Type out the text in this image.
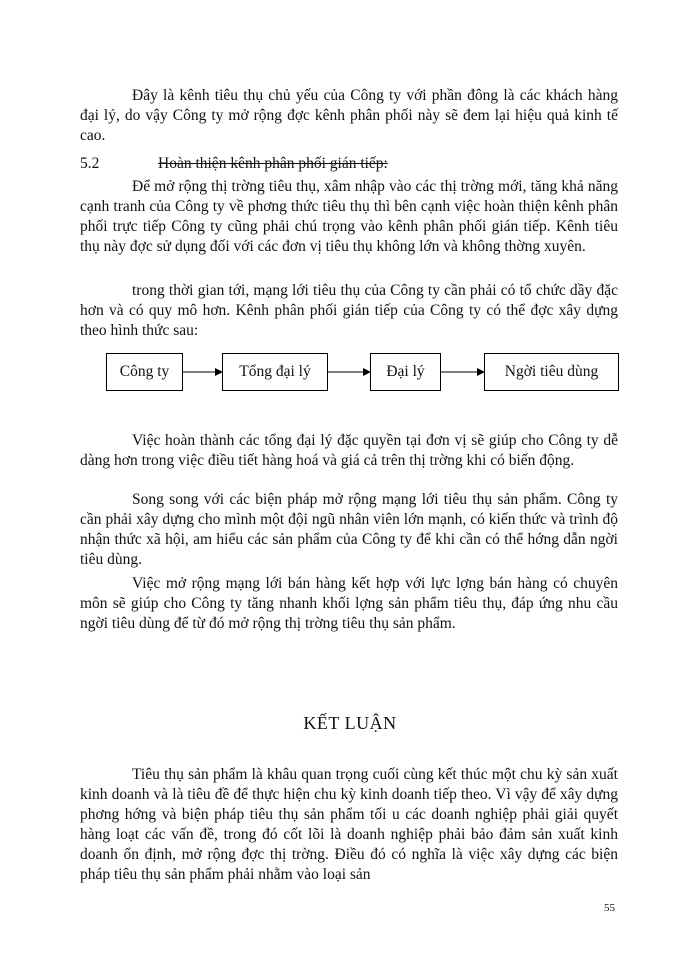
Đây là kênh tiêu thụ chủ yếu của Công ty với phần đông là các khách hàng đại lý, do vậy Công ty mở rộng đợc kênh phân phối này sẽ đem lại hiệu quả kinh tế cao.

5.2	Hoàn thiện kênh phân phối gián tiếp:

Để mở rộng thị trờng tiêu thụ, xâm nhập vào các thị trờng mới, tăng khả năng cạnh tranh của Công ty về phơng thức tiêu thụ thì bên cạnh việc hoàn thiện kênh phân phối trực tiếp Công ty cũng phải chú trọng vào kênh phân phối gián tiếp. Kênh tiêu thụ này đợc sử dụng đối với các đơn vị tiêu thụ không lớn và không thờng xuyên.

trong thời gian tới, mạng lới tiêu thụ của Công ty cần phải có tổ chức dầy đặc hơn và có quy mô hơn. Kênh phân phối gián tiếp của Công ty có thể đợc xây dựng theo hình thức sau:

Công ty	Tổng đại lý	Đại lý	Ngời tiêu dùng

Việc hoàn thành các tổng đại lý đặc quyền tại đơn vị sẽ giúp cho Công ty dễ dàng hơn trong việc điều tiết hàng hoá và giá cả trên thị trờng khi có biến động.

Song song với các biện pháp mở rộng mạng lới tiêu thụ sản phẩm. Công ty cần phải xây dựng cho mình một đội ngũ nhân viên lớn mạnh, có kiến thức và trình độ nhận thức xã hội, am hiểu các sản phẩm của Công ty để khi cần có thể hớng dẫn ngời tiêu dùng.

Việc mở rộng mạng lới bán hàng kết hợp với lực lợng bán hàng có chuyên môn sẽ giúp cho Công ty tăng nhanh khối lợng sản phẩm tiêu thụ, đáp ứng nhu cầu ngời tiêu dùng để từ đó mở rộng thị trờng tiêu thụ sản phẩm.

KẾT LUẬN

Tiêu thụ sản phẩm là khâu quan trọng cuối cùng kết thúc một chu kỳ sản xuất kinh doanh và là tiêu đề để thực hiện chu kỳ kinh doanh tiếp theo. Vì vậy để xây dựng phơng hớng và biện pháp tiêu thụ sản phẩm tối u các doanh nghiệp phải giải quyết hàng loạt các vấn đề, trong đó cốt lõi là doanh nghiệp phải bảo đảm sản xuất kinh doanh ổn định, mở rộng đợc thị trờng. Điều đó có nghĩa là việc xây dựng các biện pháp tiêu thụ sản phẩm phải nhằm vào loại sản

55
